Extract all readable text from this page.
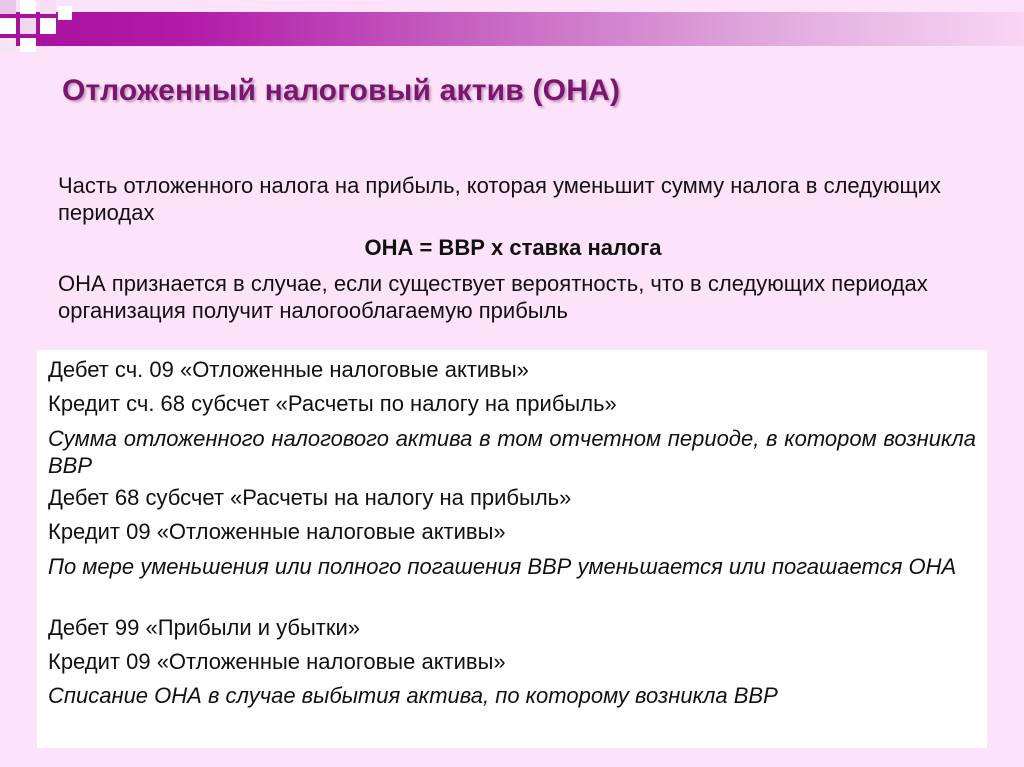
Отложенный налоговый актив (ОНА)

Часть отложенного налога на прибыль, которая уменьшит сумму налога в следующих периодах

ОНА = ВВР х ставка налога

ОНА признается в случае, если существует вероятность, что в следующих периодах организация получит налогооблагаемую прибыль

Дебет сч. 09 «Отложенные налоговые активы»

Кредит сч. 68 субсчет «Расчеты по налогу на прибыль»

Сумма отложенного налогового актива в том отчетном периоде, в котором возникла ВВР

Дебет 68 субсчет «Расчеты на налогу на прибыль»

Кредит 09 «Отложенные налоговые активы»

По мере уменьшения или полного погашения ВВР уменьшается или погашается ОНА

Дебет 99 «Прибыли и убытки»

Кредит 09 «Отложенные налоговые активы»

Списание ОНА в случае выбытия актива, по которому возникла ВВР
